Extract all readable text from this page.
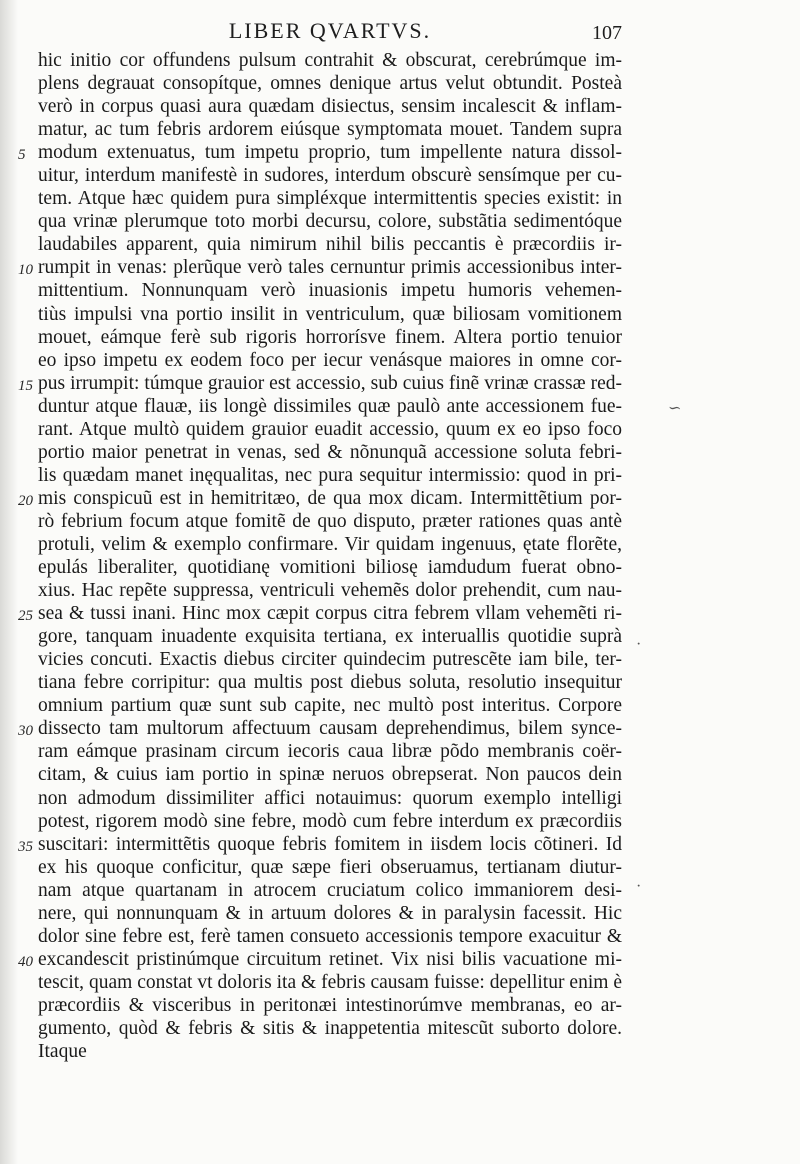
LIBER QVARTVS.	107
hic initio cor offundens pulsum contrahit & obscurat, cerebrúmque im-
plens degrauat consopítque, omnes denique artus velut obtundit. Posteà
verò in corpus quasi aura quædam disiectus, sensim incalescit & inflam-
matur, ac tum febris ardorem eiúsque symptomata mouet. Tandem supra
5 modum extenuatus, tum impetu proprio, tum impellente natura dissol-
uitur, interdum manifestè in sudores, interdum obscurè sensímque per cu-
tem. Atque hæc quidem pura simpléxque intermittentis species existit: in
qua vrinæ plerumque toto morbi decursu, colore, substãtia sedimentóque
laudabiles apparent, quia nimirum nihil bilis peccantis è præcordiis ir-
10 rumpit in venas: plerũque verò tales cernuntur primis accessionibus inter-
mittentium. Nonnunquam verò inuasionis impetu humoris vehemen-
tiùs impulsi vna portio insilit in ventriculum, quæ biliosam vomitionem
mouet, eámque ferè sub rigoris horrorísve finem. Altera portio tenuior
eo ipso impetu ex eodem foco per iecur venásque maiores in omne cor-
15 pus irrumpit: túmque grauior est accessio, sub cuius finẽ vrinæ crassæ red-
duntur atque flauæ, iis longè dissimiles quæ paulò ante accessionem fue-
rant. Atque multò quidem grauior euadit accessio, quum ex eo ipso foco
portio maior penetrat in venas, sed & nõnunquã accessione soluta febri-
lis quædam manet inęqualitas, nec pura sequitur intermissio: quod in pri-
20 mis conspicuũ est in hemitritæo, de qua mox dicam. Intermittẽtium por-
rò febrium focum atque fomitẽ de quo disputo, præter rationes quas antè
protuli, velim & exemplo confirmare. Vir quidam ingenuus, ętate florẽte,
epulás liberaliter, quotidianę vomitioni biliosę iamdudum fuerat obno-
xius. Hac repẽte suppressa, ventriculi vehemẽs dolor prehendit, cum nau-
25 sea & tussi inani. Hinc mox cæpit corpus citra febrem vllam vehemẽti ri-
gore, tanquam inuadente exquisita tertiana, ex interuallis quotidie suprà
vicies concuti. Exactis diebus circiter quindecim putrescẽte iam bile, ter-
tiana febre corripitur: qua multis post diebus soluta, resolutio insequitur
omnium partium quæ sunt sub capite, nec multò post interitus. Corpore
30 dissecto tam multorum affectuum causam deprehendimus, bilem synce-
ram eámque prasinam circum iecoris caua libræ põdo membranis coër-
citam, & cuius iam portio in spinæ neruos obrepserat. Non paucos dein
non admodum dissimiliter affici notauimus: quorum exemplo intelligi
potest, rigorem modò sine febre, modò cum febre interdum ex præcordiis
35 suscitari: intermittẽtis quoque febris fomitem in iisdem locis cõtineri. Id
ex his quoque conficitur, quæ sæpe fieri obseruamus, tertianam diutur-
nam atque quartanam in atrocem cruciatum colico immaniorem desi-
nere, qui nonnunquam & in artuum dolores & in paralysin facessit. Hic
dolor sine febre est, ferè tamen consueto accessionis tempore exacuitur &
40 excandescit pristinúmque circuitum retinet. Vix nisi bilis vacuatione mi-
tescit, quam constat vt doloris ita & febris causam fuisse: depellitur enim è
præcordiis & visceribus in peritonæi intestinorúmve membranas, eo ar-
gumento, quòd & febris & sitis & inappetentia mitescũt suborto dolore.
Itaque
∽
·
·
